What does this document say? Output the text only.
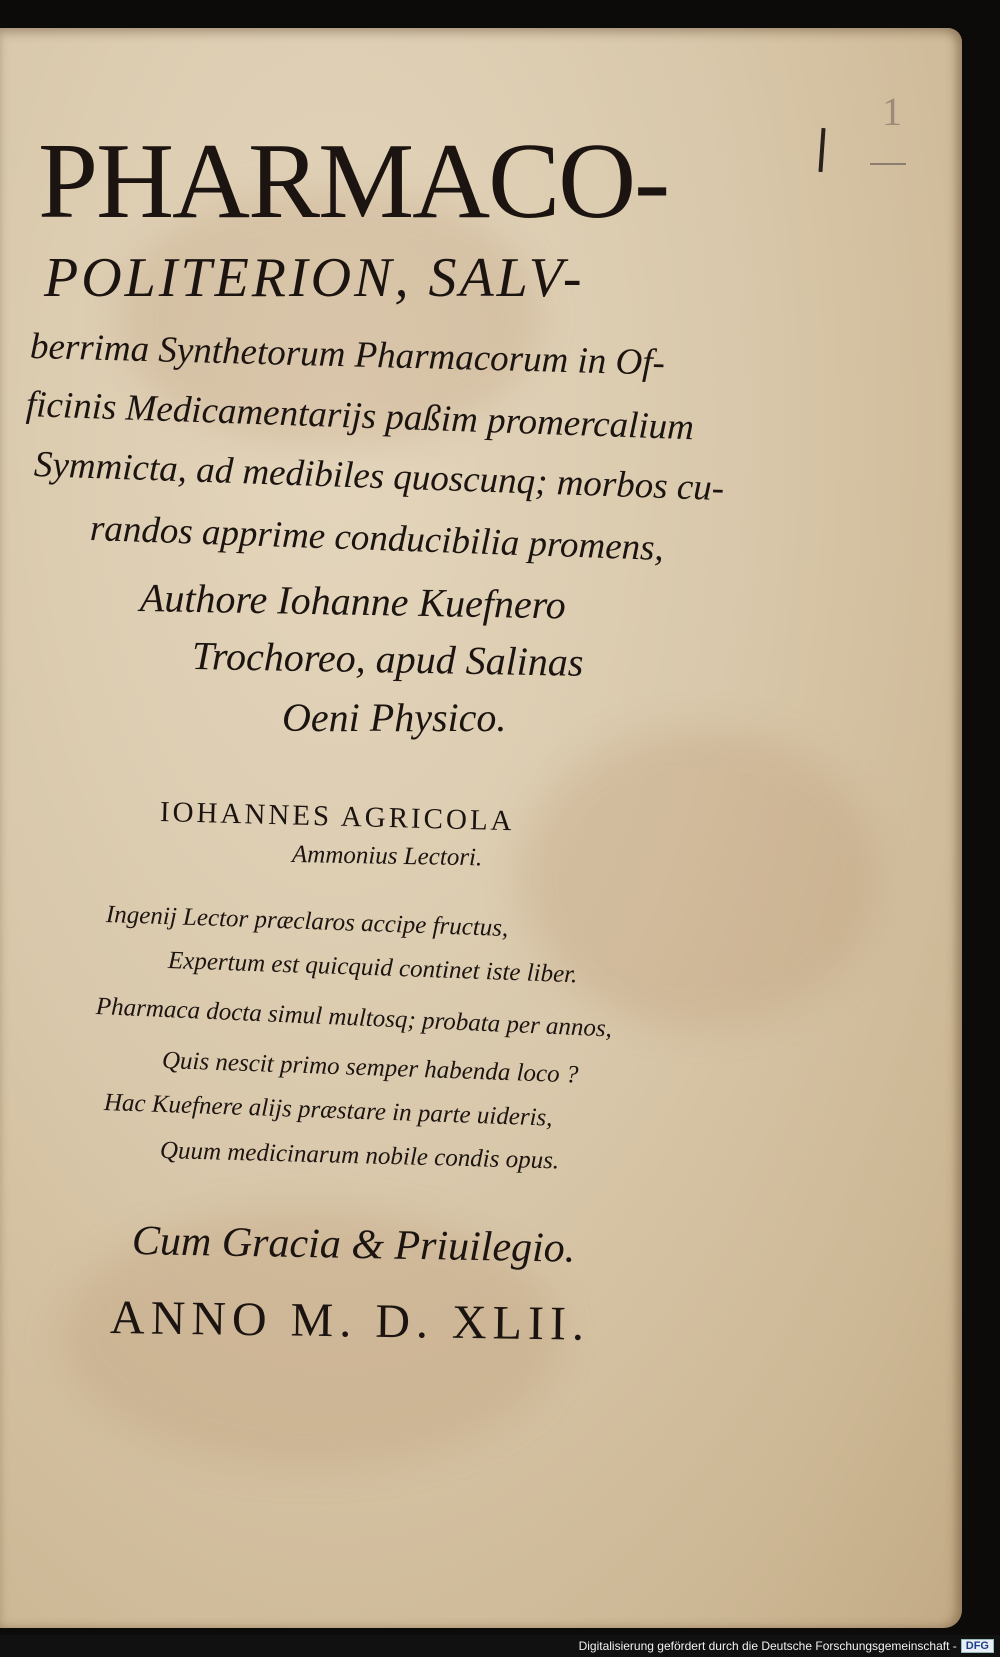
1
PHARMACO-
POLITERION, SALV-
berrima Synthetorum Pharmacorum in Of-
ficinis Medicamentarijs paßim promercalium
Symmicta, ad medibiles quoscunq; morbos cu-
randos apprime conducibilia promens,
Authore Iohanne Kuefnero
Trochoreo, apud Salinas
Oeni Physico.
IOHANNES AGRICOLA
Ammonius Lectori.
Ingenij Lector præclaros accipe fructus,
Expertum est quicquid continet iste liber.
Pharmaca docta simul multosq; probata per annos,
Quis nescit primo semper habenda loco ?
Hac Kuefnere alijs præstare in parte uideris,
Quum medicinarum nobile condis opus.
Cum Gracia & Priuilegio.
ANNO M. D. XLII.
Digitalisierung gefördert durch die Deutsche Forschungsgemeinschaft - DFG
